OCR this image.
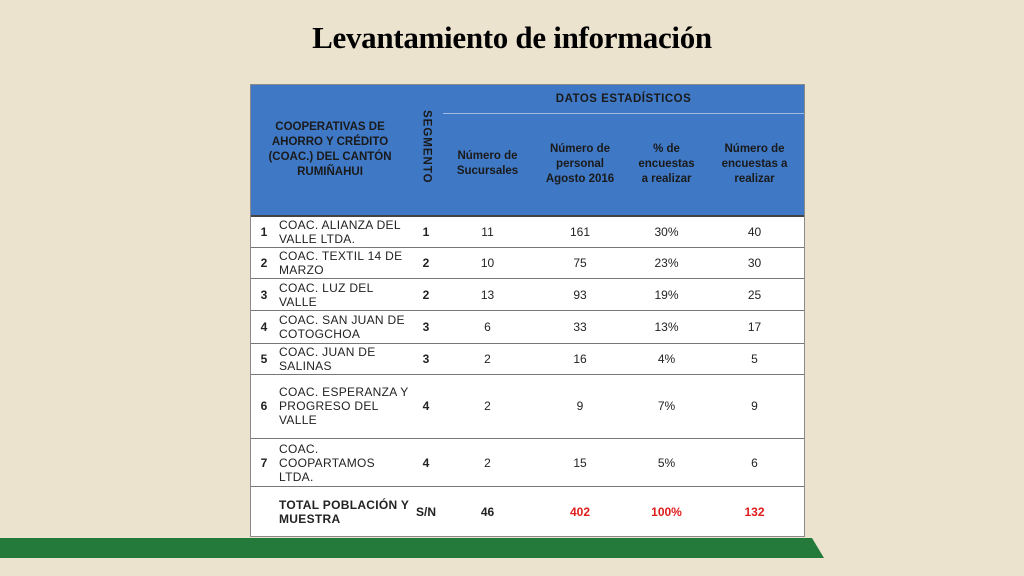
Levantamiento de información
COOPERATIVAS DE AHORRO Y CRÉDITO (COAC.) DEL CANTÓN RUMIÑAHUI		SEGMENTO	DATOS ESTADÍSTICOS			
			Número de Sucursales	Número de personal Agosto 2016	% de encuestas a realizar	Número de encuestas a realizar
1	COAC. ALIANZA DEL VALLE LTDA.	1	11	161	30%	40
2	COAC. TEXTIL 14 DE MARZO	2	10	75	23%	30
3	COAC. LUZ DEL VALLE	2	13	93	19%	25
4	COAC. SAN JUAN DE COTOGCHOA	3	6	33	13%	17
5	COAC. JUAN DE SALINAS	3	2	16	4%	5
6	COAC. ESPERANZA Y PROGRESO DEL VALLE	4	2	9	7%	9
7	COAC. COOPARTAMOS LTDA.	4	2	15	5%	6
	TOTAL POBLACIÓN Y MUESTRA	S/N	46	402	100%	132
